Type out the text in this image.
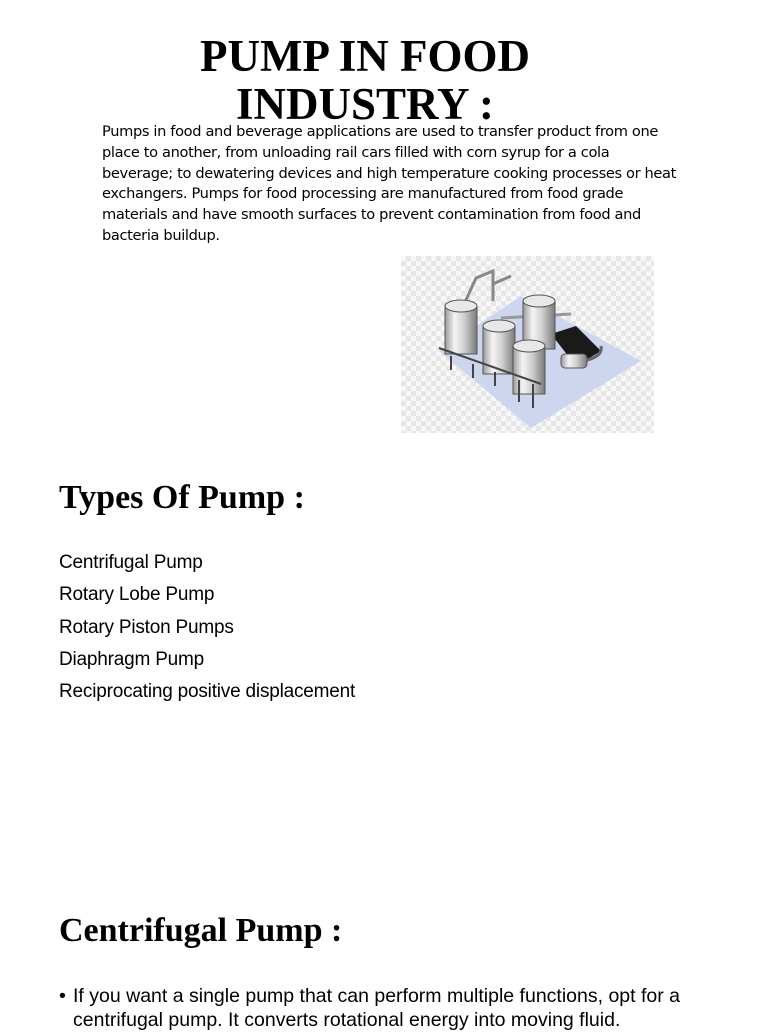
PUMP IN FOOD
INDUSTRY :

Pumps in food and beverage applications are used to transfer product from one place to another, from unloading rail cars filled with corn syrup for a cola beverage; to dewatering devices and high temperature cooking processes or heat exchangers. Pumps for food processing are manufactured from food grade materials and have smooth surfaces to prevent contamination from food and bacteria buildup.

Types Of Pump :
Centrifugal Pump
Rotary Lobe Pump
Rotary Piston Pumps
Diaphragm Pump
Reciprocating positive displacement
Centrifugal Pump :
• If you want a single pump that can perform multiple functions, opt for a centrifugal pump. It converts rotational energy into moving fluid.
